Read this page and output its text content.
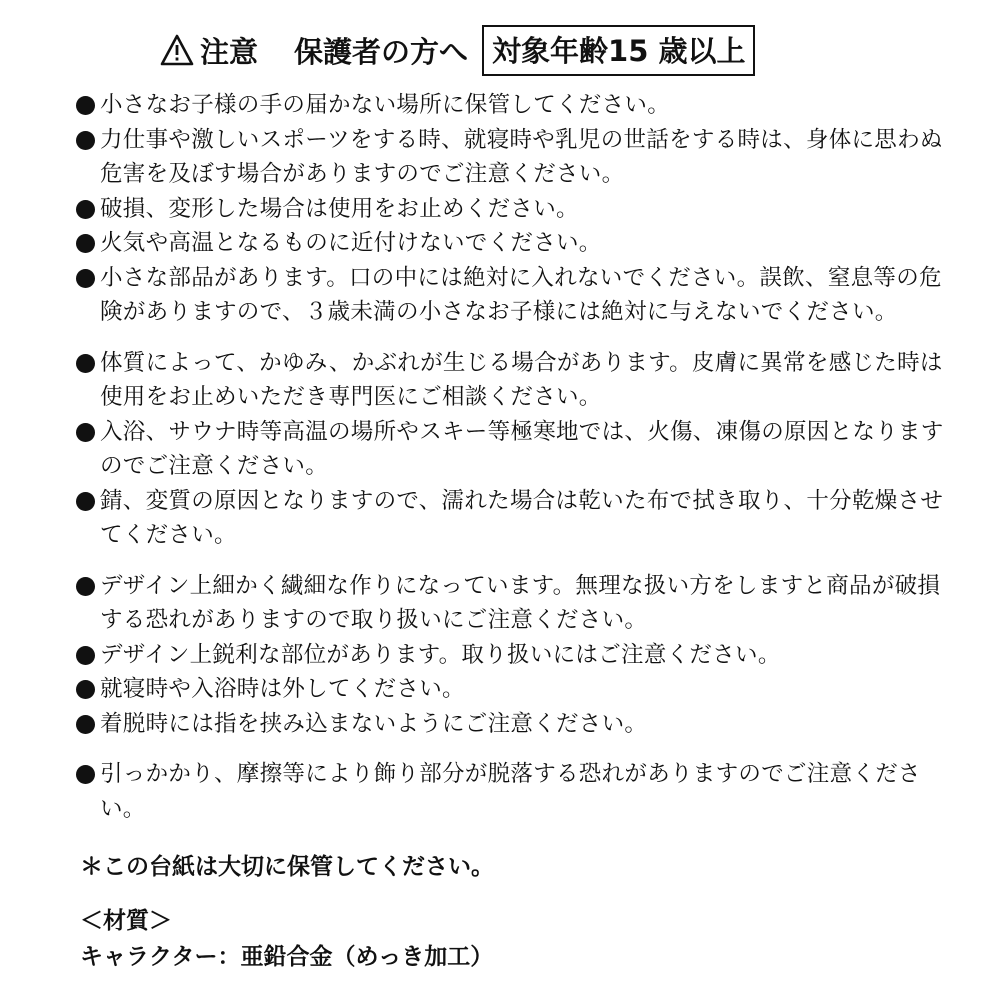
注意 保護者の方へ 対象年齢15 歳以上
小さなお子様の手の届かない場所に保管してください。
力仕事や激しいスポーツをする時、就寝時や乳児の世話をする時は、身体に思わぬ危害を及ぼす場合がありますのでご注意ください。
破損、変形した場合は使用をお止めください。
火気や高温となるものに近付けないでください。
小さな部品があります。口の中には絶対に入れないでください。誤飲、窒息等の危険がありますので、３歳未満の小さなお子様には絶対に与えないでください。
体質によって、かゆみ、かぶれが生じる場合があります。皮膚に異常を感じた時は使用をお止めいただき専門医にご相談ください。
入浴、サウナ時等高温の場所やスキー等極寒地では、火傷、凍傷の原因となりますのでご注意ください。
錆、変質の原因となりますので、濡れた場合は乾いた布で拭き取り、十分乾燥させてください。
デザイン上細かく繊細な作りになっています。無理な扱い方をしますと商品が破損する恐れがありますので取り扱いにご注意ください。
デザイン上鋭利な部位があります。取り扱いにはご注意ください。
就寝時や入浴時は外してください。
着脱時には指を挟み込まないようにご注意ください。
引っかかり、摩擦等により飾り部分が脱落する恐れがありますのでご注意ください。
＊この台紙は大切に保管してください。
＜材質＞
キャラクター：亜鉛合金（めっき加工）
